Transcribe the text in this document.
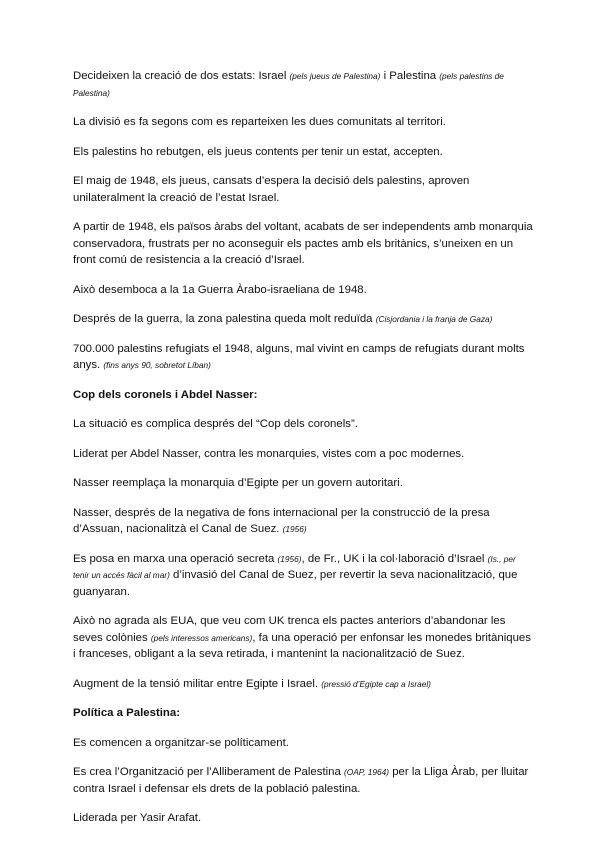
Decideixen la creació de dos estats: Israel (pels jueus de Palestina) i Palestina (pels palestins de Palestina)

La divisió es fa segons com es reparteixen les dues comunitats al territori.

Els palestins ho rebutgen, els jueus contents per tenir un estat, accepten.

El maig de 1948, els jueus, cansats d’espera la decisió dels palestins, aproven unilateralment la creació de l’estat Israel.

A partir de 1948, els països àrabs del voltant, acabats de ser independents amb monarquia conservadora, frustrats per no aconseguir els pactes amb els britànics, s’uneixen en un front comú de resistencia a la creació d’Israel.

Això desemboca a la 1a Guerra Àrabo-israeliana de 1948.

Després de la guerra, la zona palestina queda molt reduïda (Cisjordania i la franja de Gaza)

700.000 palestins refugiats el 1948, alguns, mal vivint en camps de refugiats durant molts anys. (fins anys 90, sobretot Líban)

Cop dels coronels i Abdel Nasser:

La situació es complica després del “Cop dels coronels”.

Liderat per Abdel Nasser, contra les monarquies, vistes com a poc modernes.

Nasser reemplaça la monarquia d’Egipte per un govern autoritari.

Nasser, després de la negativa de fons internacional per la construcció de la presa d’Assuan, nacionalitzà el Canal de Suez. (1956)

Es posa en marxa una operació secreta (1956), de Fr., UK i la col·laboració d’Israel (Is., per tenir un accés fàcil al mar) d’invasió del Canal de Suez, per revertir la seva nacionalització, que guanyaran.

Això no agrada als EUA, que veu com UK trenca els pactes anteriors d’abandonar les seves colònies (pels interessos americans), fa una operació per enfonsar les monedes britàniques i franceses, obligant a la seva retirada, i mantenint la nacionalització de Suez.

Augment de la tensió militar entre Egipte i Israel. (pressió d’Egipte cap a Israel)

Política a Palestina:

Es comencen a organitzar-se políticament.

Es crea l’Organització per l’Alliberament de Palestina (OAP, 1964) per la Lliga Àrab, per lluitar contra Israel i defensar els drets de la població palestina.

Liderada per Yasir Arafat.
